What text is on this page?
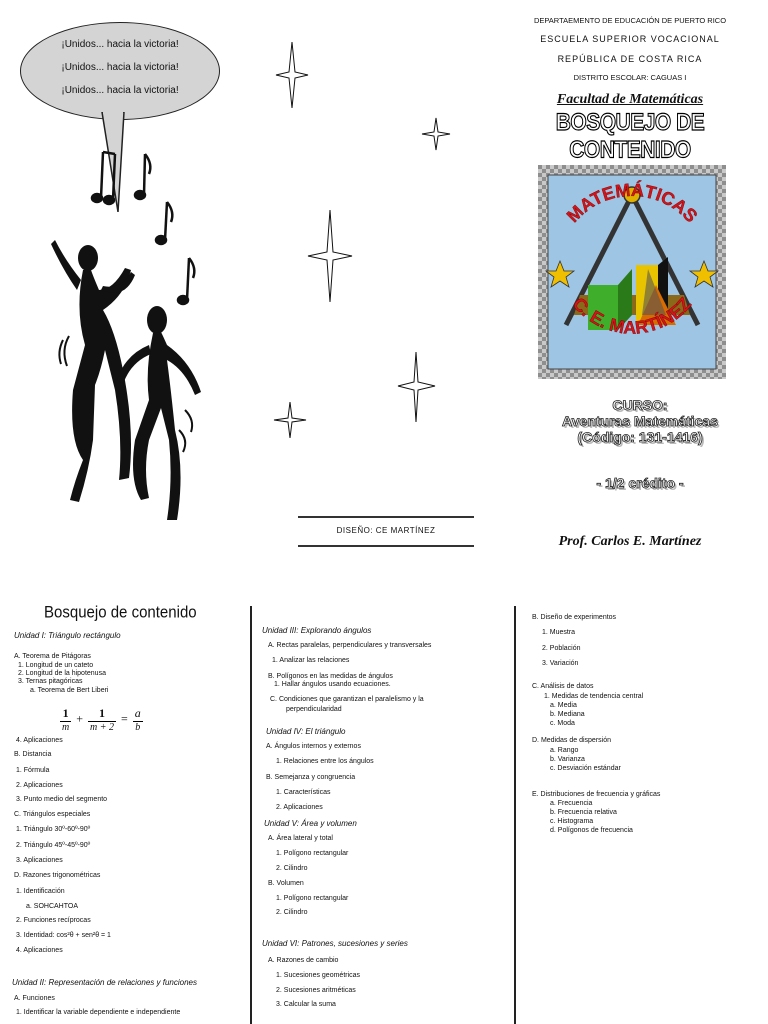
¡Unidos... hacia la victoria!
¡Unidos... hacia la victoria!
¡Unidos... hacia la victoria!
DISEÑO: CE MARTÍNEZ
DEPARTAEMENTO DE EDUCACIÓN DE PUERTO RICO
ESCUELA SUPERIOR VOCACIONAL
REPÚBLICA DE COSTA RICA
DISTRITO ESCOLAR: CAGUAS I
Facultad de Matemáticas
BOSQUEJO DE CONTENIDO
MATEMÁTICAS
C. E. MARTÍNEZ
CURSO:
Aventuras Matemáticas
(Código: 131-1416)
- 1/2 crédito -
Prof. Carlos E. Martínez
Bosquejo de contenido
Unidad I: Triángulo rectángulo
A. Teorema de Pitágoras
1. Longitud de un cateto
2. Longitud de la hipotenusa
3. Ternas pitagóricas
a. Teorema de Bert Liberi
4. Aplicaciones
B. Distancia
1. Fórmula
2. Aplicaciones
3. Punto medio del segmento
C. Triángulos especiales
1. Triángulo 30º-60º-90º
2. Triángulo 45º-45º-90º
3. Aplicaciones
D. Razones trigonométricas
1. Identificación
a. SOHCAHTOA
2. Funciones recíprocas
3. Identidad: cos²θ + sen²θ = 1
4. Aplicaciones
Unidad II: Representación de relaciones y funciones
A. Funciones
1. Identificar la variable dependiente e independiente
Unidad III: Explorando ángulos
A. Rectas paralelas, perpendiculares y transversales
1. Analizar las relaciones
B. Polígonos en las medidas de ángulos
1. Hallar ángulos usando ecuaciones.
C. Condiciones que garantizan el paralelismo y la
perpendicularidad
Unidad IV: El triángulo
A. Ángulos internos y externos
1. Relaciones entre los ángulos
B. Semejanza y congruencia
1. Características
2. Aplicaciones
Unidad V: Área y volumen
A. Área lateral y total
1. Polígono rectangular
2. Cilindro
B. Volumen
1. Polígono rectangular
2. Cilindro
Unidad VI: Patrones, sucesiones y series
A. Razones de cambio
1. Sucesiones geométricas
2. Sucesiones aritméticas
3. Calcular la suma
B. Diseño de experimentos
1. Muestra
2. Población
3. Variación
C. Análisis de datos
1. Medidas de tendencia central
a. Media
b. Mediana
c. Moda
D. Medidas de dispersión
a. Rango
b. Varianza
c. Desviación estándar
E. Distribuciones de frecuencia y gráficas
a. Frecuencia
b. Frecuencia relativa
c. Histograma
d. Polígonos de frecuencia
$\frac{1}{m} + \frac{1}{m + 2} = \frac{a}{b}$
